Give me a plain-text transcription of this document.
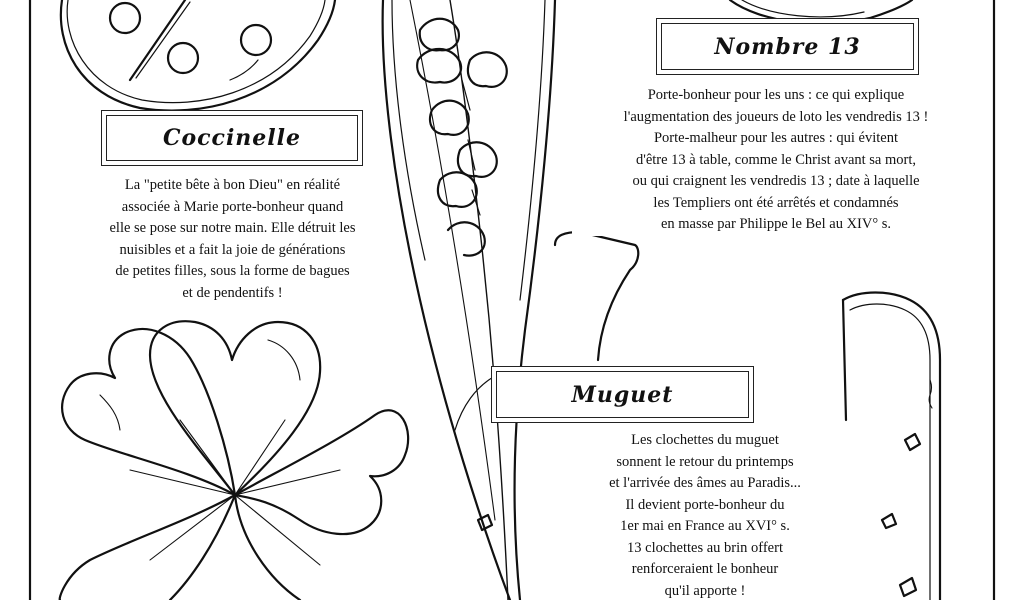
Coccinelle
Nombre 13
Muguet
La "petite bête à bon Dieu" en réalité
associée à Marie porte-bonheur quand
elle se pose sur notre main. Elle détruit les
nuisibles et a fait la joie de générations
de petites filles, sous la forme de bagues
et de pendentifs !
Porte-bonheur pour les uns : ce qui explique
l'augmentation des joueurs de loto les vendredis 13 !
Porte-malheur pour les autres : qui évitent
d'être 13 à table, comme le Christ avant sa mort,
ou qui craignent les vendredis 13 ; date à laquelle
les Templiers ont été arrêtés et condamnés
en masse par Philippe le Bel au XIV° s.
Les clochettes du muguet
sonnent le retour du printemps
et l'arrivée des âmes au Paradis...
Il devient porte-bonheur du
1er mai en France au XVI° s.
13 clochettes au brin offert
renforceraient le bonheur
qu'il apporte !
